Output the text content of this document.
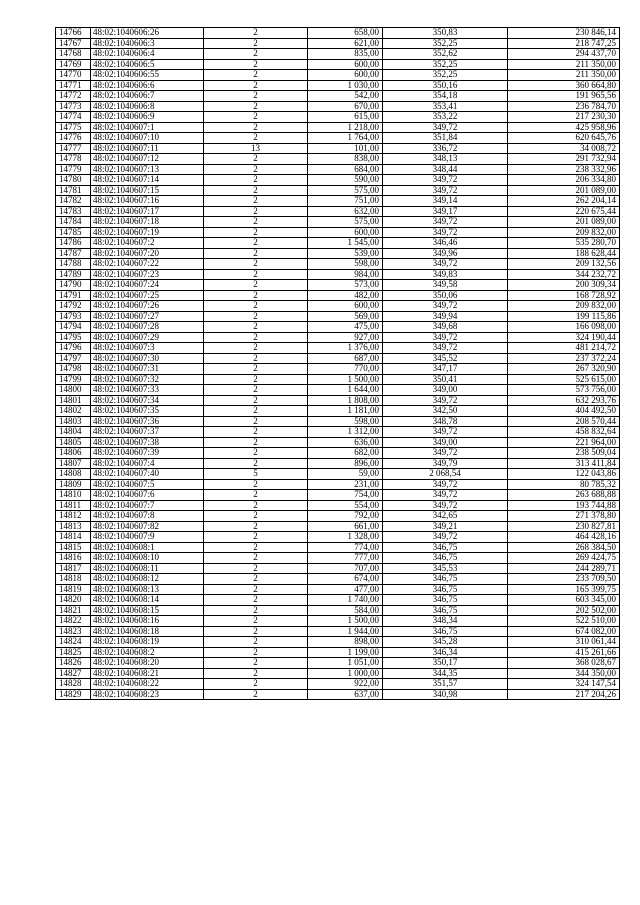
14766	48:02:1040606:26	2	658,00	350,83	230 846,14
14767	48:02:1040606:3	2	621,00	352,25	218 747,25
14768	48:02:1040606:4	2	835,00	352,62	294 437,70
14769	48:02:1040606:5	2	600,00	352,25	211 350,00
14770	48:02:1040606:55	2	600,00	352,25	211 350,00
14771	48:02:1040606:6	2	1 030,00	350,16	360 664,80
14772	48:02:1040606:7	2	542,00	354,18	191 965,56
14773	48:02:1040606:8	2	670,00	353,41	236 784,70
14774	48:02:1040606:9	2	615,00	353,22	217 230,30
14775	48:02:1040607:1	2	1 218,00	349,72	425 958,96
14776	48:02:1040607:10	2	1 764,00	351,84	620 645,76
14777	48:02:1040607:11	13	101,00	336,72	34 008,72
14778	48:02:1040607:12	2	838,00	348,13	291 732,94
14779	48:02:1040607:13	2	684,00	348,44	238 332,96
14780	48:02:1040607:14	2	590,00	349,72	206 334,80
14781	48:02:1040607:15	2	575,00	349,72	201 089,00
14782	48:02:1040607:16	2	751,00	349,14	262 204,14
14783	48:02:1040607:17	2	632,00	349,17	220 675,44
14784	48:02:1040607:18	2	575,00	349,72	201 089,00
14785	48:02:1040607:19	2	600,00	349,72	209 832,00
14786	48:02:1040607:2	2	1 545,00	346,46	535 280,70
14787	48:02:1040607:20	2	539,00	349,96	188 628,44
14788	48:02:1040607:22	2	598,00	349,72	209 132,56
14789	48:02:1040607:23	2	984,00	349,83	344 232,72
14790	48:02:1040607:24	2	573,00	349,58	200 309,34
14791	48:02:1040607:25	2	482,00	350,06	168 728,92
14792	48:02:1040607:26	2	600,00	349,72	209 832,00
14793	48:02:1040607:27	2	569,00	349,94	199 115,86
14794	48:02:1040607:28	2	475,00	349,68	166 098,00
14795	48:02:1040607:29	2	927,00	349,72	324 190,44
14796	48:02:1040607:3	2	1 376,00	349,72	481 214,72
14797	48:02:1040607:30	2	687,00	345,52	237 372,24
14798	48:02:1040607:31	2	770,00	347,17	267 320,90
14799	48:02:1040607:32	2	1 500,00	350,41	525 615,00
14800	48:02:1040607:33	2	1 644,00	349,00	573 756,00
14801	48:02:1040607:34	2	1 808,00	349,72	632 293,76
14802	48:02:1040607:35	2	1 181,00	342,50	404 492,50
14803	48:02:1040607:36	2	598,00	348,78	208 570,44
14804	48:02:1040607:37	2	1 312,00	349,72	458 832,64
14805	48:02:1040607:38	2	636,00	349,00	221 964,00
14806	48:02:1040607:39	2	682,00	349,72	238 509,04
14807	48:02:1040607:4	2	896,00	349,79	313 411,84
14808	48:02:1040607:40	5	59,00	2 068,54	122 043,86
14809	48:02:1040607:5	2	231,00	349,72	80 785,32
14810	48:02:1040607:6	2	754,00	349,72	263 688,88
14811	48:02:1040607:7	2	554,00	349,72	193 744,88
14812	48:02:1040607:8	2	792,00	342,65	271 378,80
14813	48:02:1040607:82	2	661,00	349,21	230 827,81
14814	48:02:1040607:9	2	1 328,00	349,72	464 428,16
14815	48:02:1040608:1	2	774,00	346,75	268 384,50
14816	48:02:1040608:10	2	777,00	346,75	269 424,75
14817	48:02:1040608:11	2	707,00	345,53	244 289,71
14818	48:02:1040608:12	2	674,00	346,75	233 709,50
14819	48:02:1040608:13	2	477,00	346,75	165 399,75
14820	48:02:1040608:14	2	1 740,00	346,75	603 345,00
14821	48:02:1040608:15	2	584,00	346,75	202 502,00
14822	48:02:1040608:16	2	1 500,00	348,34	522 510,00
14823	48:02:1040608:18	2	1 944,00	346,75	674 082,00
14824	48:02:1040608:19	2	898,00	345,28	310 061,44
14825	48:02:1040608:2	2	1 199,00	346,34	415 261,66
14826	48:02:1040608:20	2	1 051,00	350,17	368 028,67
14827	48:02:1040608:21	2	1 000,00	344,35	344 350,00
14828	48:02:1040608:22	2	922,00	351,57	324 147,54
14829	48:02:1040608:23	2	637,00	340,98	217 204,26
